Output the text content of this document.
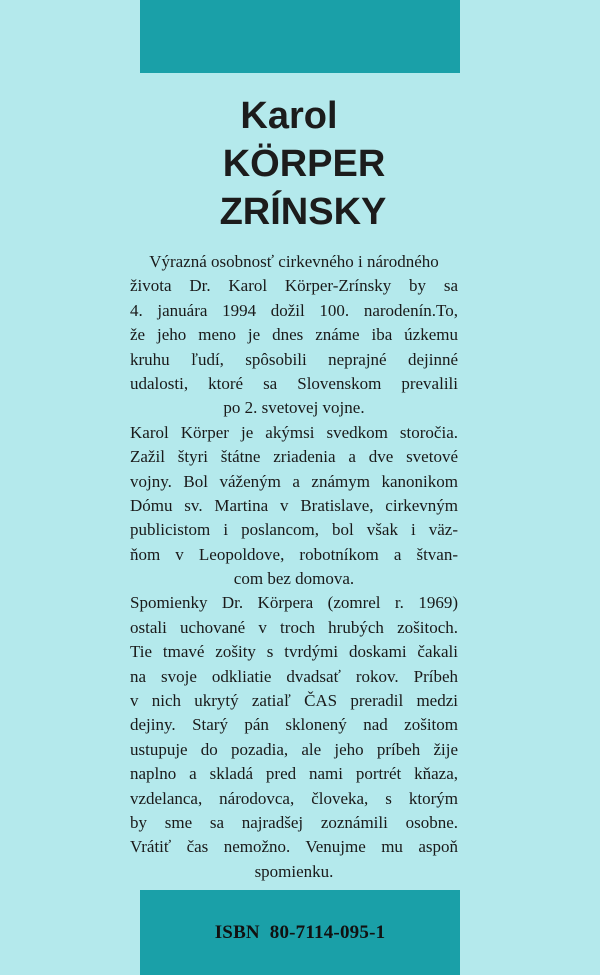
Karol
KÖRPER
ZRÍNSKY
Výrazná osobnosť cirkevného i národného
života Dr. Karol Körper-Zrínsky by sa
4. januára 1994 dožil 100. narodenín.To,
že jeho meno je dnes známe iba úzkemu
kruhu ľudí, spôsobili neprajné dejinné
udalosti, ktoré sa Slovenskom prevalili
po 2. svetovej vojne.
Karol Körper je akýmsi svedkom storočia.
Zažil štyri štátne zriadenia a dve svetové
vojny. Bol váženým a známym kanonikom
Dómu sv. Martina v Bratislave, cirkevným
publicistom i poslancom, bol však i väz-
ňom v Leopoldove, robotníkom a štvan-
com bez domova.
Spomienky Dr. Körpera (zomrel r. 1969)
ostali uchované v troch hrubých zošitoch.
Tie tmavé zošity s tvrdými doskami čakali
na svoje odkliatie dvadsať rokov. Príbeh
v nich ukrytý zatiaľ ČAS preradil medzi
dejiny. Starý pán sklonený nad zošitom
ustupuje do pozadia, ale jeho príbeh žije
naplno a skladá pred nami portrét kňaza,
vzdelanca, národovca, človeka, s ktorým
by sme sa najradšej zoznámili osobne.
Vrátiť čas nemožno. Venujme mu aspoň
spomienku.
ISBN  80-7114-095-1
